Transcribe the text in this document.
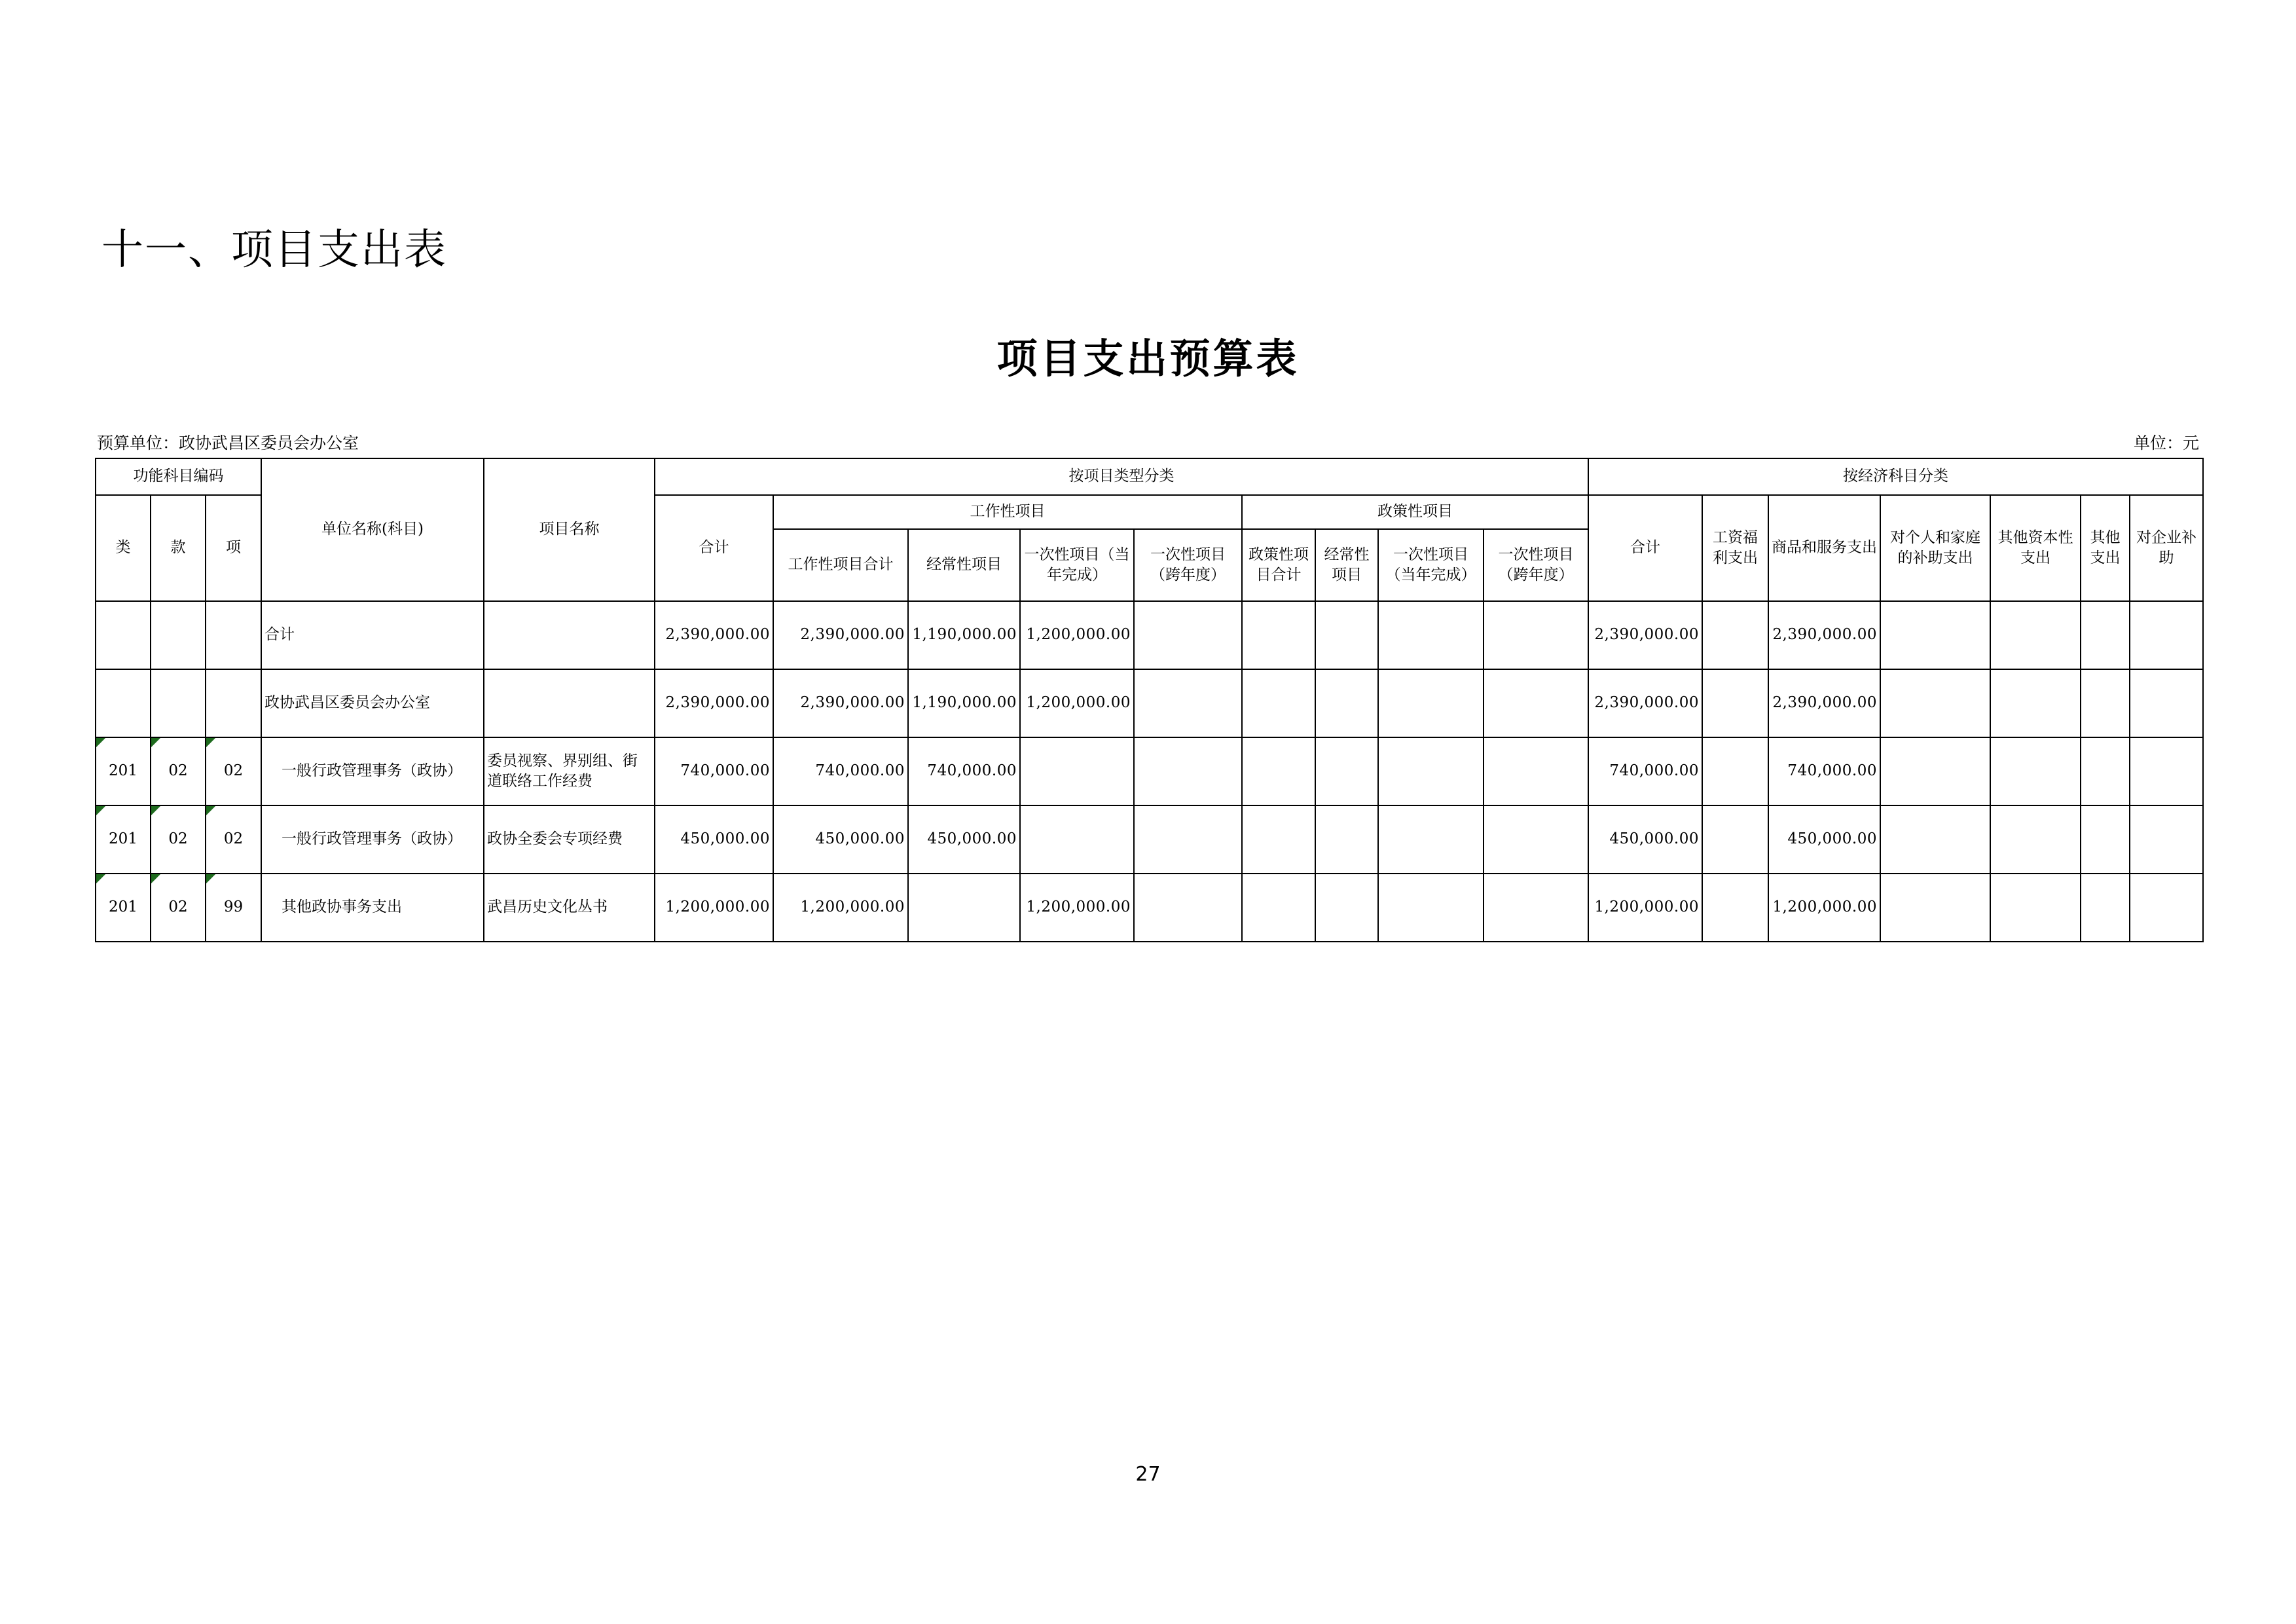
十一、项目支出表
项目支出预算表
预算单位：政协武昌区委员会办公室	单位：元
功能科目编码			单位名称(科目)	项目名称	按项目类型分类									按经济科目分类						
类	款	项			合计	工作性项目				政策性项目				合计	工资福利支出	商品和服务支出	对个人和家庭的补助支出	其他资本性支出	其他支出	对企业补助
						工作性项目合计	经常性项目	一次性项目（当年完成）	一次性项目（跨年度）	政策性项目合计	经常性项目	一次性项目（当年完成）	一次性项目（跨年度）							
			合计		2,390,000.00	2,390,000.00	1,190,000.00	1,200,000.00						2,390,000.00		2,390,000.00				
			政协武昌区委员会办公室		2,390,000.00	2,390,000.00	1,190,000.00	1,200,000.00						2,390,000.00		2,390,000.00				
201	02	02	一般行政管理事务（政协）	委员视察、界别组、街道联络工作经费	740,000.00	740,000.00	740,000.00							740,000.00		740,000.00				
201	02	02	一般行政管理事务（政协）	政协全委会专项经费	450,000.00	450,000.00	450,000.00							450,000.00		450,000.00				
201	02	99	其他政协事务支出	武昌历史文化丛书	1,200,000.00	1,200,000.00		1,200,000.00						1,200,000.00		1,200,000.00				
27
